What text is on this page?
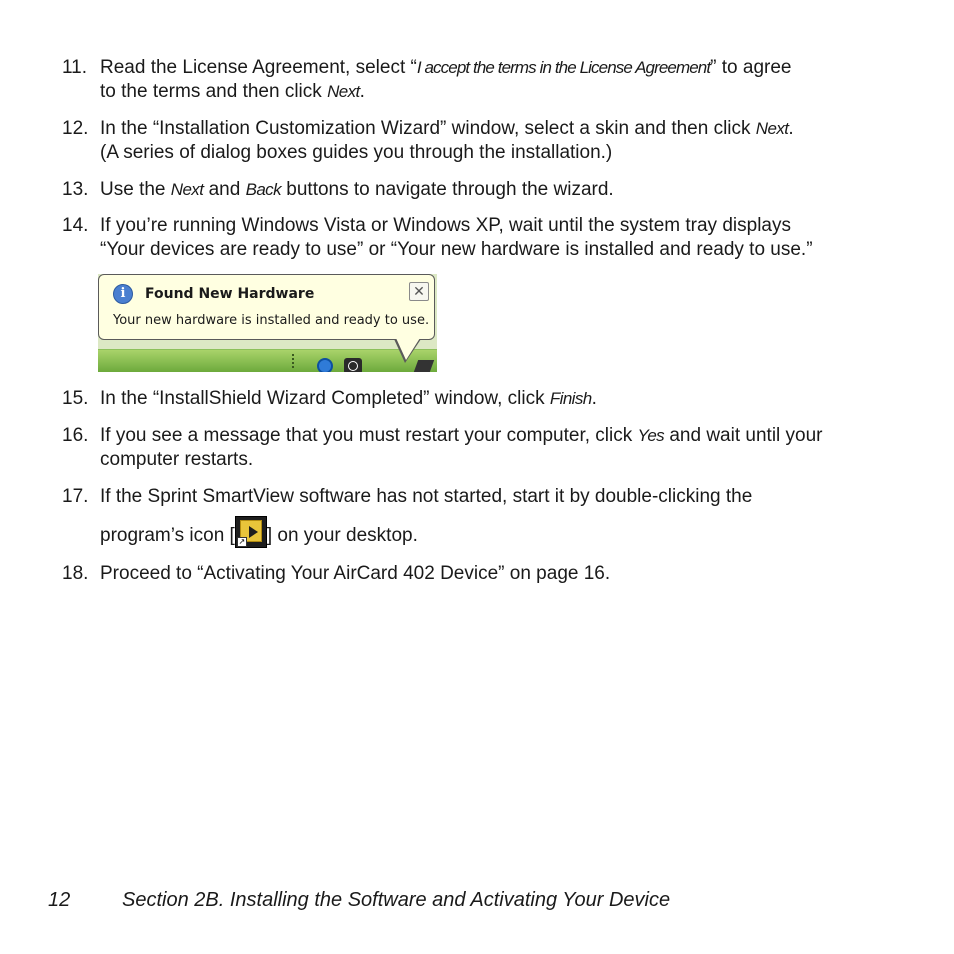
11. Read the License Agreement, select “I accept the terms in the License Agreement” to agree
to the terms and then click Next.
12. In the “Installation Customization Wizard” window, select a skin and then click Next.
(A series of dialog boxes guides you through the installation.)
13. Use the Next and Back buttons to navigate through the wizard.
14. If you’re running Windows Vista or Windows XP, wait until the system tray displays
“Your devices are ready to use” or “Your new hardware is installed and ready to use.”
i	Found New Hardware	✕
Your new hardware is installed and ready to use.
15. In the “InstallShield Wizard Completed” window, click Finish.
16. If you see a message that you must restart your computer, click Yes and wait until your
computer restarts.
17. If the Sprint SmartView software has not started, start it by double-clicking the
program’s icon [ ↗ ] on your desktop.
18. Proceed to “Activating Your AirCard 402 Device” on page 16.
12	Section 2B. Installing the Software and Activating Your Device
